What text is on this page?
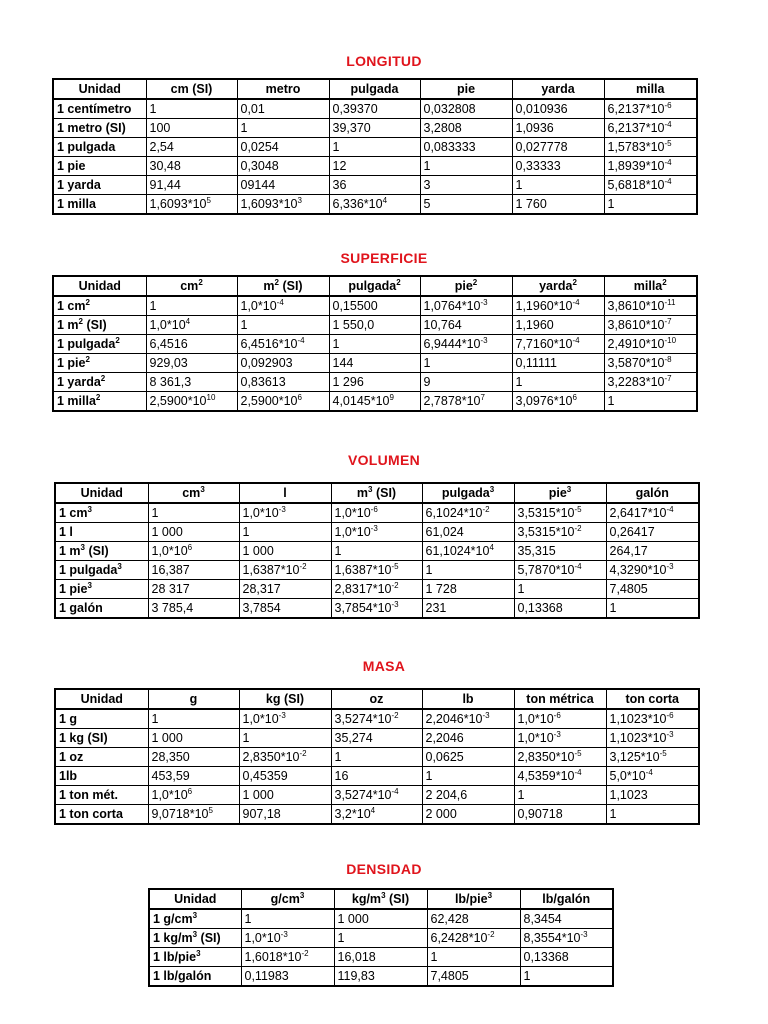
LONGITUD
Unidad	cm (SI)	metro	pulgada	pie	yarda	milla
1 centímetro	1	0,01	0,39370	0,032808	0,010936	$6,2137*10^{-6}$
1 metro (SI)	100	1	39,370	3,2808	1,0936	$6,2137*10^{-4}$
1 pulgada	2,54	0,0254	1	0,083333	0,027778	$1,5783*10^{-5}$
1 pie	30,48	0,3048	12	1	0,33333	$1,8939*10^{-4}$
1 yarda	91,44	09144	36	3	1	$5,6818*10^{-4}$
1 milla	$1,6093*10^5$	$1,6093*10^3$	$6,336*10^4$	5	1 760	1
SUPERFICIE
Unidad	$cm^2$	$m^2$ (SI)	pulgada$^2$	pie$^2$	yarda$^2$	milla$^2$
1 $cm^2$	1	$1,0*10^{-4}$	0,15500	$1,0764*10^{-3}$	$1,1960*10^{-4}$	$3,8610*10^{-11}$
1 $m^2$ (SI)	$1,0*10^4$	1	1 550,0	10,764	1,1960	$3,8610*10^{-7}$
1 pulgada$^2$	6,4516	$6,4516*10^{-4}$	1	$6,9444*10^{-3}$	$7,7160*10^{-4}$	$2,4910*10^{-10}$
1 pie$^2$	929,03	0,092903	144	1	0,11111	$3,5870*10^{-8}$
1 yarda$^2$	8 361,3	0,83613	1 296	9	1	$3,2283*10^{-7}$
1 milla$^2$	$2,5900*10^{10}$	$2,5900*10^6$	$4,0145*10^9$	$2,7878*10^7$	$3,0976*10^6$	1
VOLUMEN
Unidad	$cm^3$	l	$m^3$ (SI)	pulgada$^3$	pie$^3$	galón
1 $cm^3$	1	$1,0*10^{-3}$	$1,0*10^{-6}$	$6,1024*10^{-2}$	$3,5315*10^{-5}$	$2,6417*10^{-4}$
1 l	1 000	1	$1,0*10^{-3}$	61,024	$3,5315*10^{-2}$	0,26417
1 $m^3$ (SI)	$1,0*10^6$	1 000	1	$61,1024*10^4$	35,315	264,17
1 pulgada$^3$	16,387	$1,6387*10^{-2}$	$1,6387*10^{-5}$	1	$5,7870*10^{-4}$	$4,3290*10^{-3}$
1 pie$^3$	28 317	28,317	$2,8317*10^{-2}$	1 728	1	7,4805
1 galón	3 785,4	3,7854	$3,7854*10^{-3}$	231	0,13368	1
MASA
Unidad	g	kg (SI)	oz	lb	ton métrica	ton corta
1 g	1	$1,0*10^{-3}$	$3,5274*10^{-2}$	$2,2046*10^{-3}$	$1,0*10^{-6}$	$1,1023*10^{-6}$
1 kg (SI)	1 000	1	35,274	2,2046	$1,0*10^{-3}$	$1,1023*10^{-3}$
1 oz	28,350	$2,8350*10^{-2}$	1	0,0625	$2,8350*10^{-5}$	$3,125*10^{-5}$
1lb	453,59	0,45359	16	1	$4,5359*10^{-4}$	$5,0*10^{-4}$
1 ton mét.	$1,0*10^6$	1 000	$3,5274*10^{-4}$	2 204,6	1	1,1023
1 ton corta	$9,0718*10^5$	907,18	$3,2*10^4$	2 000	0,90718	1
DENSIDAD
Unidad	$g/cm^3$	$kg/m^3$ (SI)	lb/pie$^3$	lb/galón
1 $g/cm^3$	1	1 000	62,428	8,3454
1 $kg/m^3$ (SI)	$1,0*10^{-3}$	1	$6,2428*10^{-2}$	$8,3554*10^{-3}$
1 lb/pie$^3$	$1,6018*10^{-2}$	16,018	1	0,13368
1 lb/galón	0,11983	119,83	7,4805	1
